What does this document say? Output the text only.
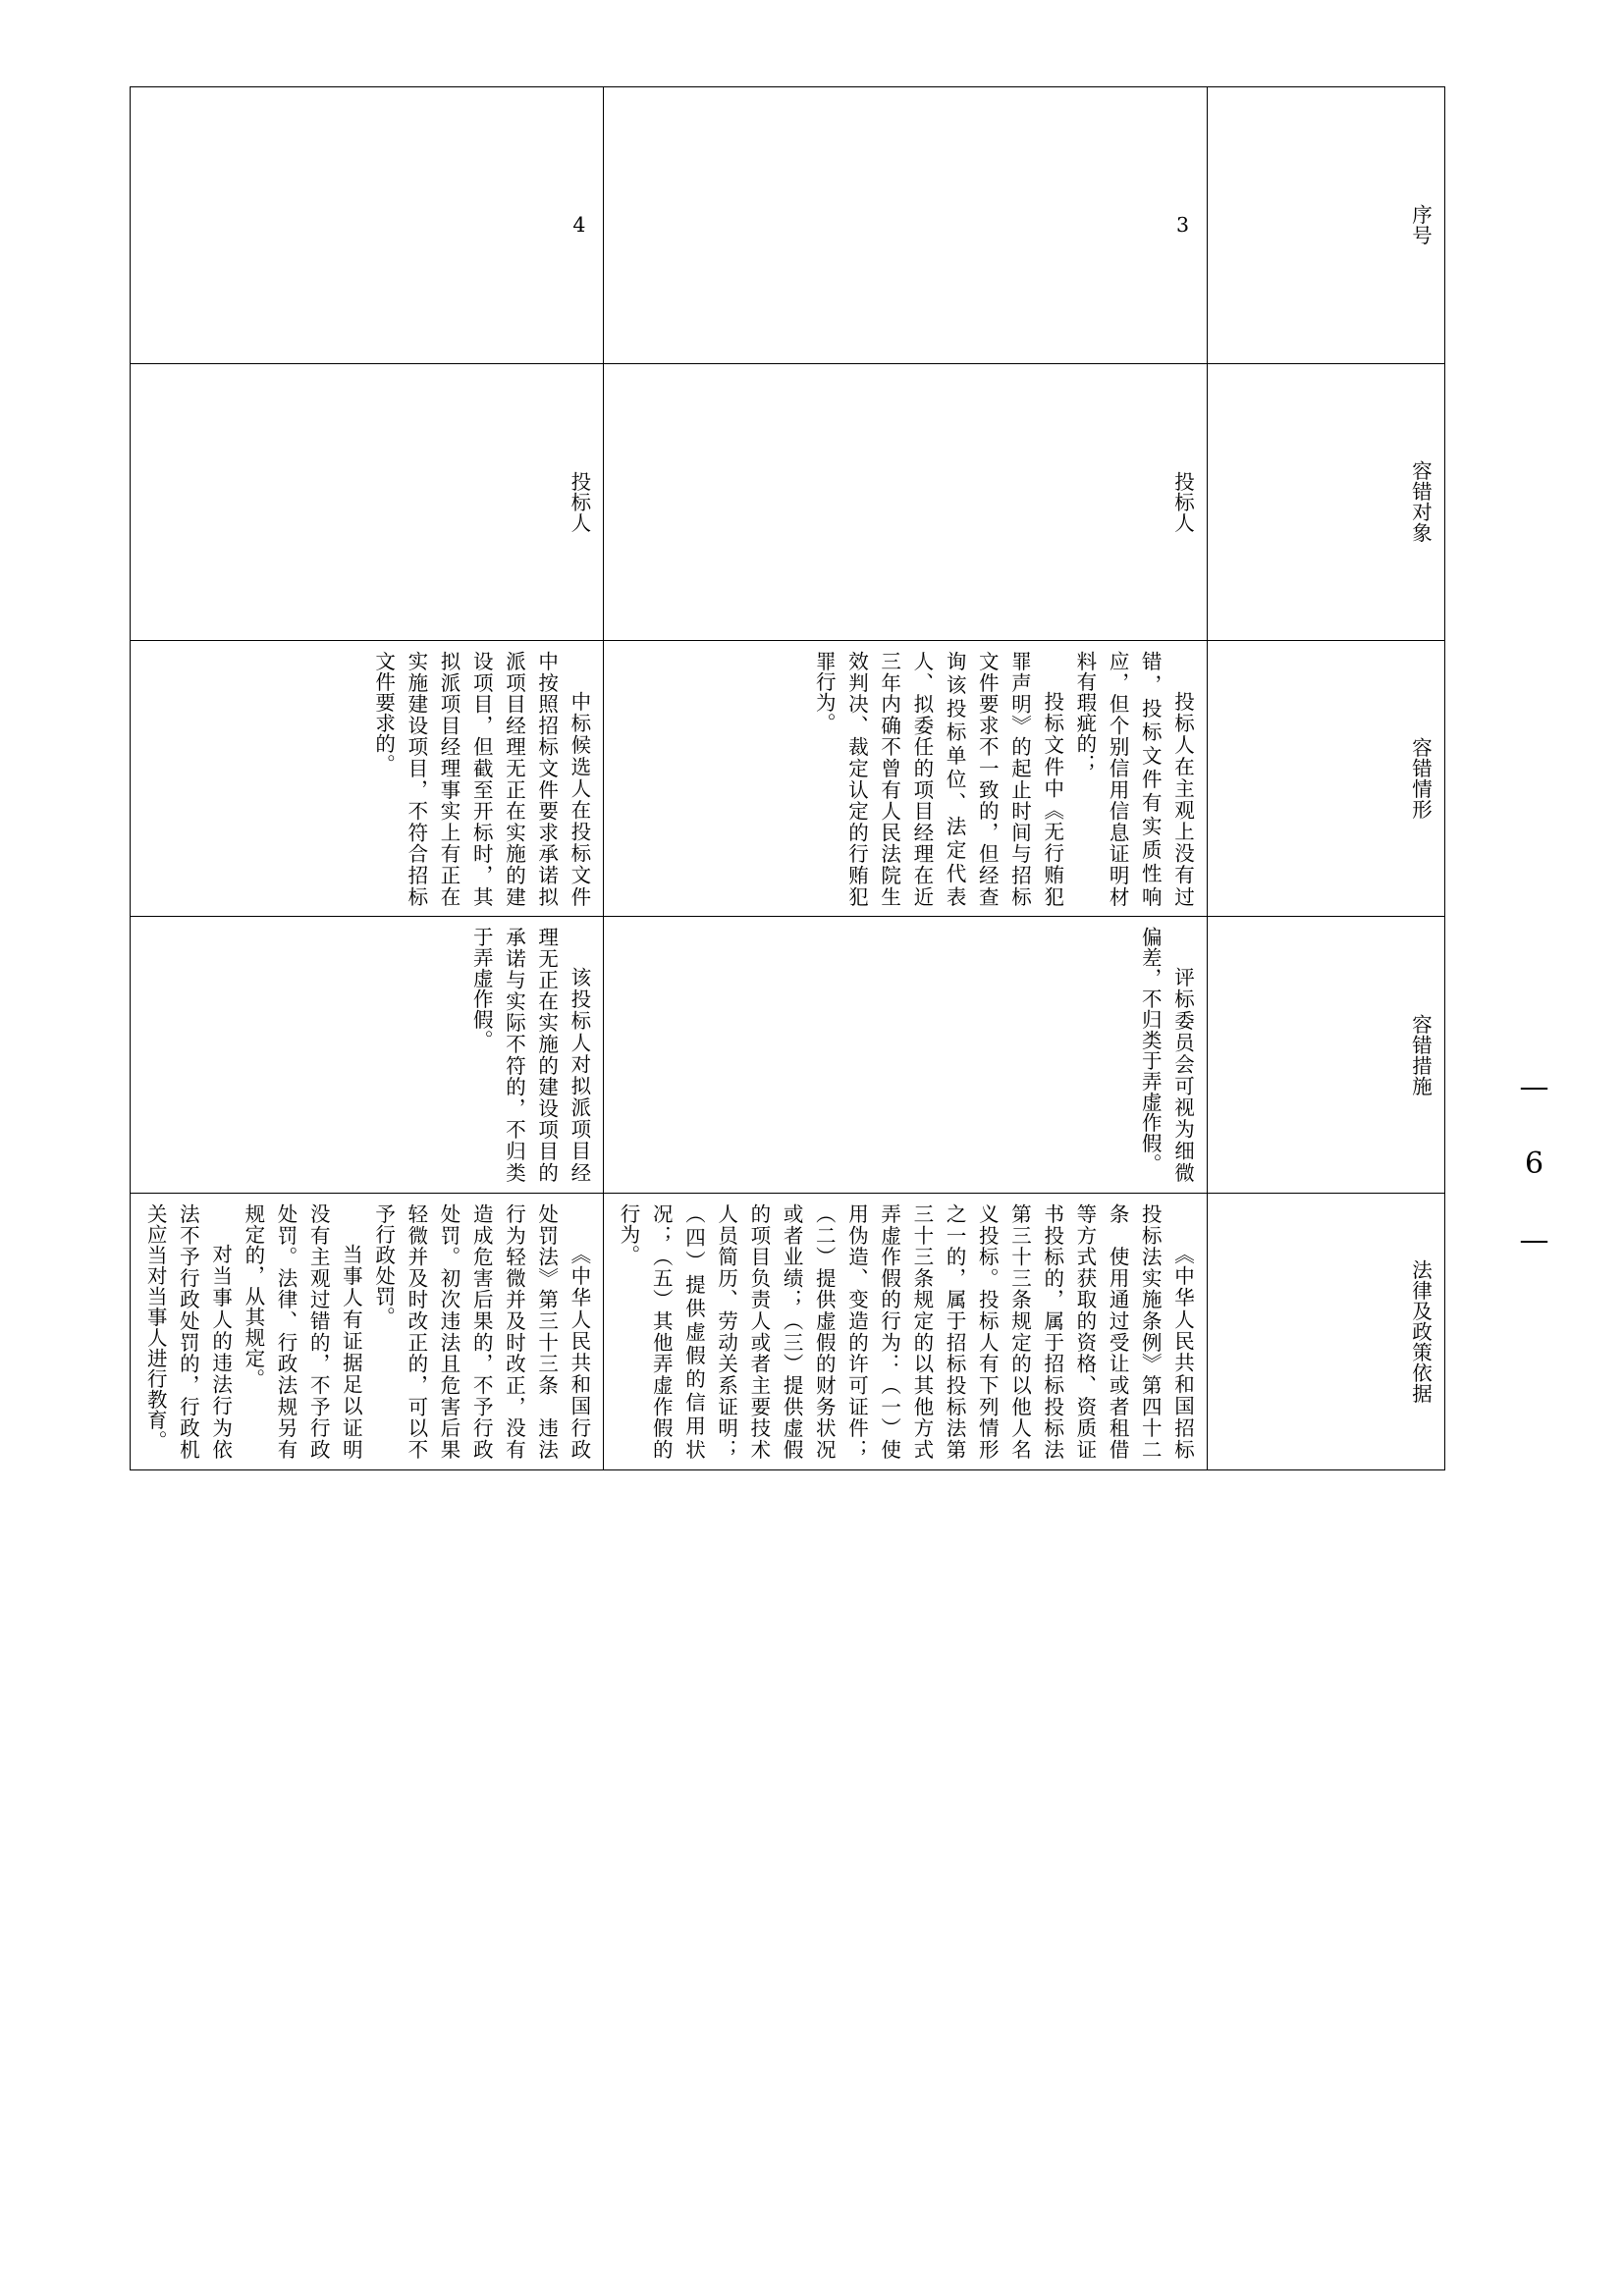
— 6 —
序号	容错对象	容错情形	容错措施	法律及政策依据
3	投标人	投标人在主观上没有过错，投标文件有实质性响应，但个别信用信息证明材料有瑕疵的；
投标文件中《无行贿犯罪声明》的起止时间与招标文件要求不一致的，但经查询该投标单位、法定代表人、拟委任的项目经理在近三年内确不曾有人民法院生效判决、裁定认定的行贿犯罪行为。	评标委员会可视为细微偏差，不归类于弄虚作假。	《中华人民共和国招标投标法实施条例》第四十二条　使用通过受让或者租借等方式获取的资格、资质证书投标的，属于招标投标法第三十三条规定的以他人名义投标。投标人有下列情形之一的，属于招标投标法第三十三条规定的以其他方式弄虚作假的行为：（一）使用伪造、变造的许可证件；（二）提供虚假的财务状况或者业绩；（三）提供虚假的项目负责人或者主要技术人员简历、劳动关系证明；（四）提供虚假的信用状况；（五）其他弄虚作假的行为。

4	投标人	中标候选人在投标文件中按照招标文件要求承诺拟派项目经理无正在实施的建设项目，但截至开标时，其拟派项目经理事实上有正在实施建设项目，不符合招标文件要求的。	该投标人对拟派项目经理无正在实施的建设项目的承诺与实际不符的，不归类于弄虚作假。	《中华人民共和国行政处罚法》第三十三条　违法行为轻微并及时改正，没有造成危害后果的，不予行政处罚。初次违法且危害后果轻微并及时改正的，可以不予行政处罚。
当事人有证据足以证明没有主观过错的，不予行政处罚。法律、行政法规另有规定的，从其规定。
对当事人的违法行为依法不予行政处罚的，行政机关应当对当事人进行教育。
